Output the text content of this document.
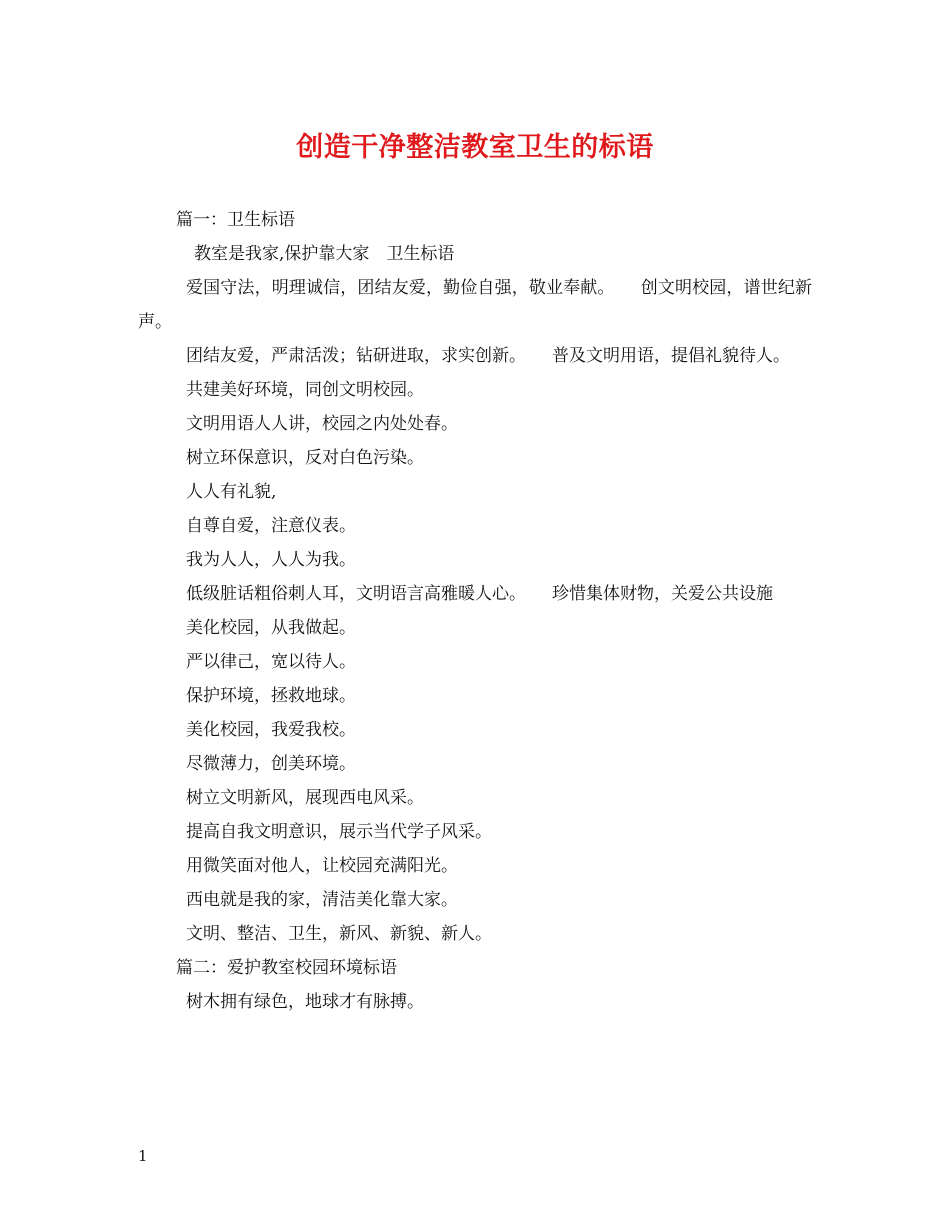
创造干净整洁教室卫生的标语

篇一：卫生标语

教室是我家,保护靠大家　卫生标语

爱国守法，明理诚信，团结友爱，勤俭自强，敬业奉献。 创文明校园，谱世纪新声。

团结友爱，严肃活泼；钻研进取，求实创新。 普及文明用语，提倡礼貌待人。

共建美好环境，同创文明校园。

文明用语人人讲，校园之内处处春。

树立环保意识，反对白色污染。

人人有礼貌,

自尊自爱，注意仪表。

我为人人，人人为我。

低级脏话粗俗刺人耳，文明语言高雅暖人心。 珍惜集体财物，关爱公共设施

美化校园，从我做起。

严以律己，宽以待人。

保护环境，拯救地球。

美化校园，我爱我校。

尽微薄力，创美环境。

树立文明新风，展现西电风采。

提高自我文明意识，展示当代学子风采。

用微笑面对他人，让校园充满阳光。

西电就是我的家，清洁美化靠大家。

文明、整洁、卫生，新风、新貌、新人。

篇二：爱护教室校园环境标语

树木拥有绿色，地球才有脉搏。

1
